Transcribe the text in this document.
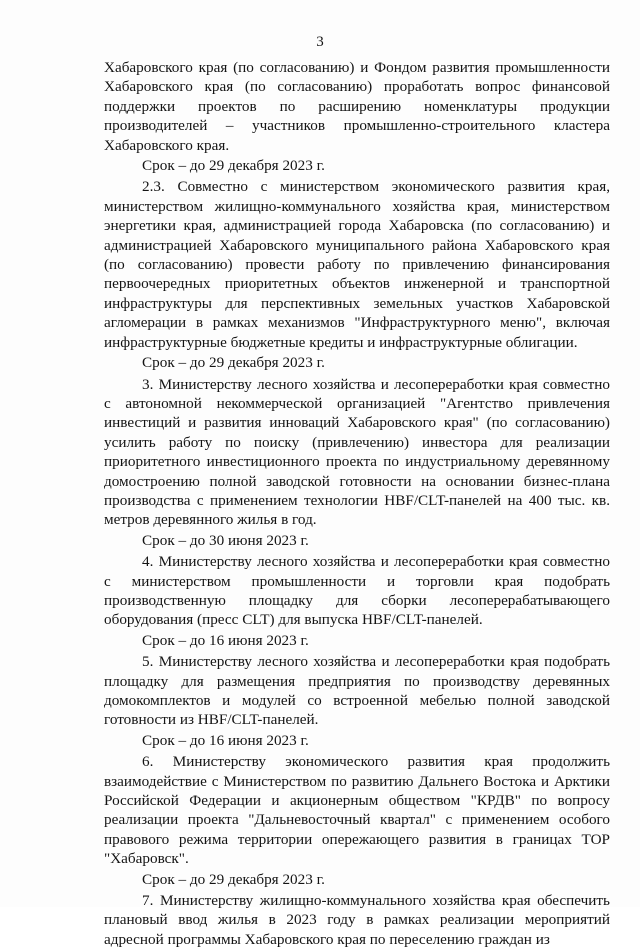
3

Хабаровского края (по согласованию) и Фондом развития промышленности Хабаровского края (по согласованию) проработать вопрос финансовой поддержки проектов по расширению номенклатуры продукции производителей – участников промышленно-строительного кластера Хабаровского края.

Срок – до 29 декабря 2023 г.

2.3. Совместно с министерством экономического развития края, министерством жилищно-коммунального хозяйства края, министерством энергетики края, администрацией города Хабаровска (по согласованию) и администрацией Хабаровского муниципального района Хабаровского края (по согласованию) провести работу по привлечению финансирования первоочередных приоритетных объектов инженерной и транспортной инфраструктуры для перспективных земельных участков Хабаровской агломерации в рамках механизмов "Инфраструктурного меню", включая инфраструктурные бюджетные кредиты и инфраструктурные облигации.

Срок – до 29 декабря 2023 г.

3. Министерству лесного хозяйства и лесопереработки края совместно с автономной некоммерческой организацией "Агентство привлечения инвестиций и развития инноваций Хабаровского края" (по согласованию) усилить работу по поиску (привлечению) инвестора для реализации приоритетного инвестиционного проекта по индустриальному деревянному домостроению полной заводской готовности на основании бизнес-плана производства с применением технологии HBF/CLT-панелей на 400 тыс. кв. метров деревянного жилья в год.

Срок – до 30 июня 2023 г.

4. Министерству лесного хозяйства и лесопереработки края совместно с министерством промышленности и торговли края подобрать производственную площадку для сборки лесоперерабатывающего оборудования (пресс CLT) для выпуска HBF/CLT-панелей.

Срок – до 16 июня 2023 г.

5. Министерству лесного хозяйства и лесопереработки края подобрать площадку для размещения предприятия по производству деревянных домокомплектов и модулей со встроенной мебелью полной заводской готовности из HBF/CLT-панелей.

Срок – до 16 июня 2023 г.

6. Министерству экономического развития края продолжить взаимодействие с Министерством по развитию Дальнего Востока и Арктики Российской Федерации и акционерным обществом "КРДВ" по вопросу реализации проекта "Дальневосточный квартал" с применением особого правового режима территории опережающего развития в границах ТОР "Хабаровск".

Срок – до 29 декабря 2023 г.

7. Министерству жилищно-коммунального хозяйства края обеспечить плановый ввод жилья в 2023 году в рамках реализации мероприятий адресной программы Хабаровского края по переселению граждан из
